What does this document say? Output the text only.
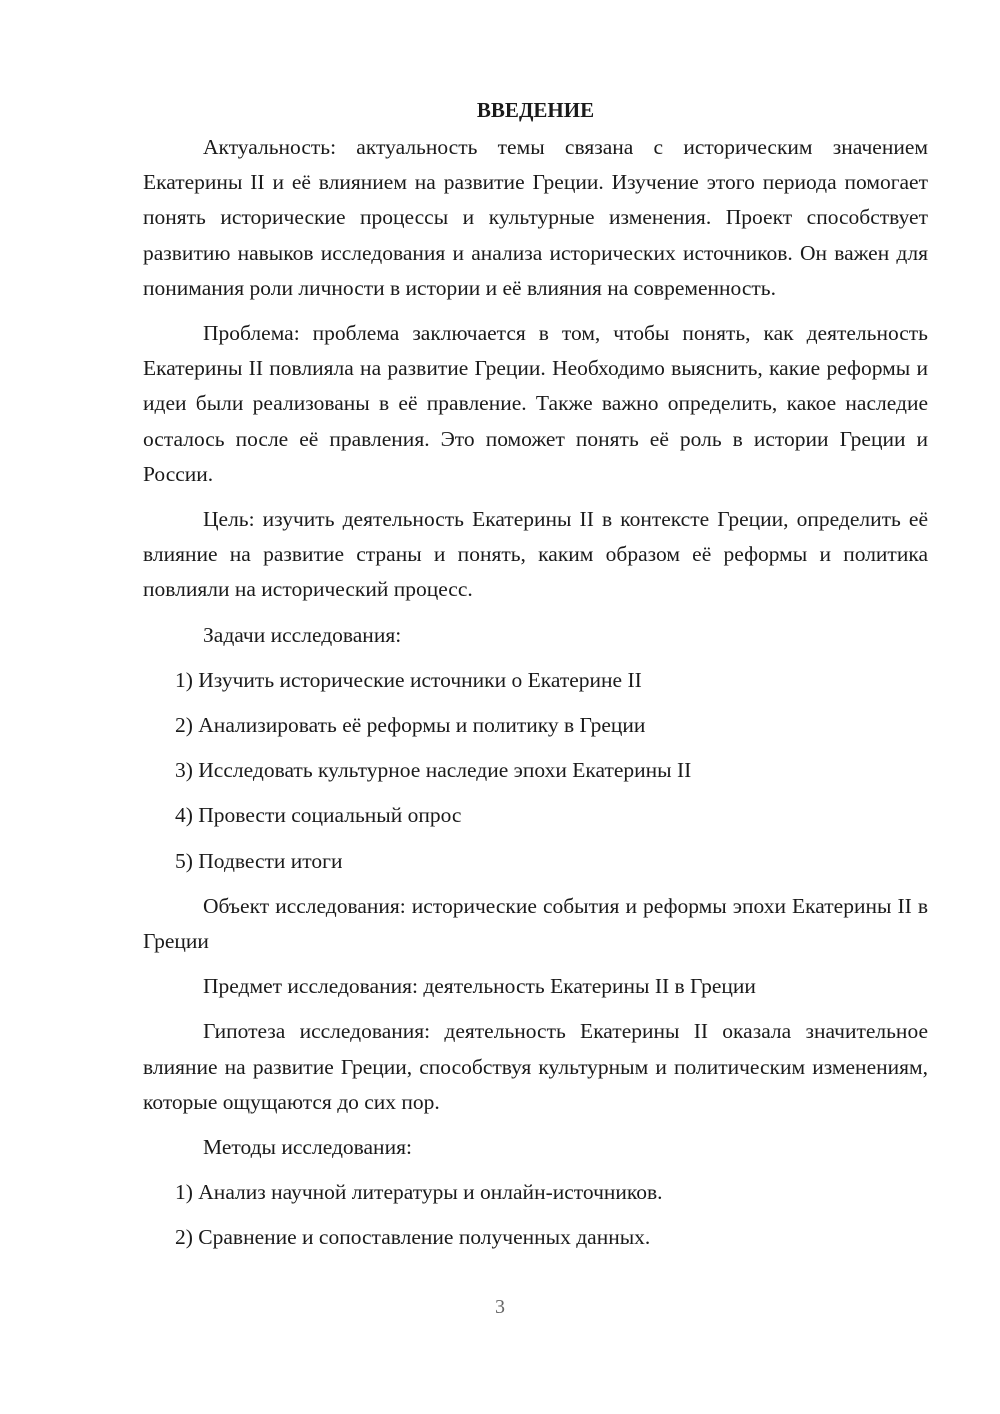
ВВЕДЕНИЕ

Актуальность: актуальность темы связана с историческим значением Екатерины II и её влиянием на развитие Греции. Изучение этого периода помогает понять исторические процессы и культурные изменения. Проект способствует развитию навыков исследования и анализа исторических источников. Он важен для понимания роли личности в истории и её влияния на современность.

Проблема: проблема заключается в том, чтобы понять, как деятельность Екатерины II повлияла на развитие Греции. Необходимо выяснить, какие реформы и идеи были реализованы в её правление. Также важно определить, какое наследие осталось после её правления. Это поможет понять её роль в истории Греции и России.

Цель: изучить деятельность Екатерины II в контексте Греции, определить её влияние на развитие страны и понять, каким образом её реформы и политика повлияли на исторический процесс.

Задачи исследования:

1) Изучить исторические источники о Екатерине II

2) Анализировать её реформы и политику в Греции

3) Исследовать культурное наследие эпохи Екатерины II

4) Провести социальный опрос

5) Подвести итоги

Объект исследования: исторические события и реформы эпохи Екатерины II в Греции

Предмет исследования: деятельность Екатерины II в Греции

Гипотеза исследования: деятельность Екатерины II оказала значительное влияние на развитие Греции, способствуя культурным и политическим изменениям, которые ощущаются до сих пор.

Методы исследования:

1) Анализ научной литературы и онлайн-источников.

2) Сравнение и сопоставление полученных данных.

3
